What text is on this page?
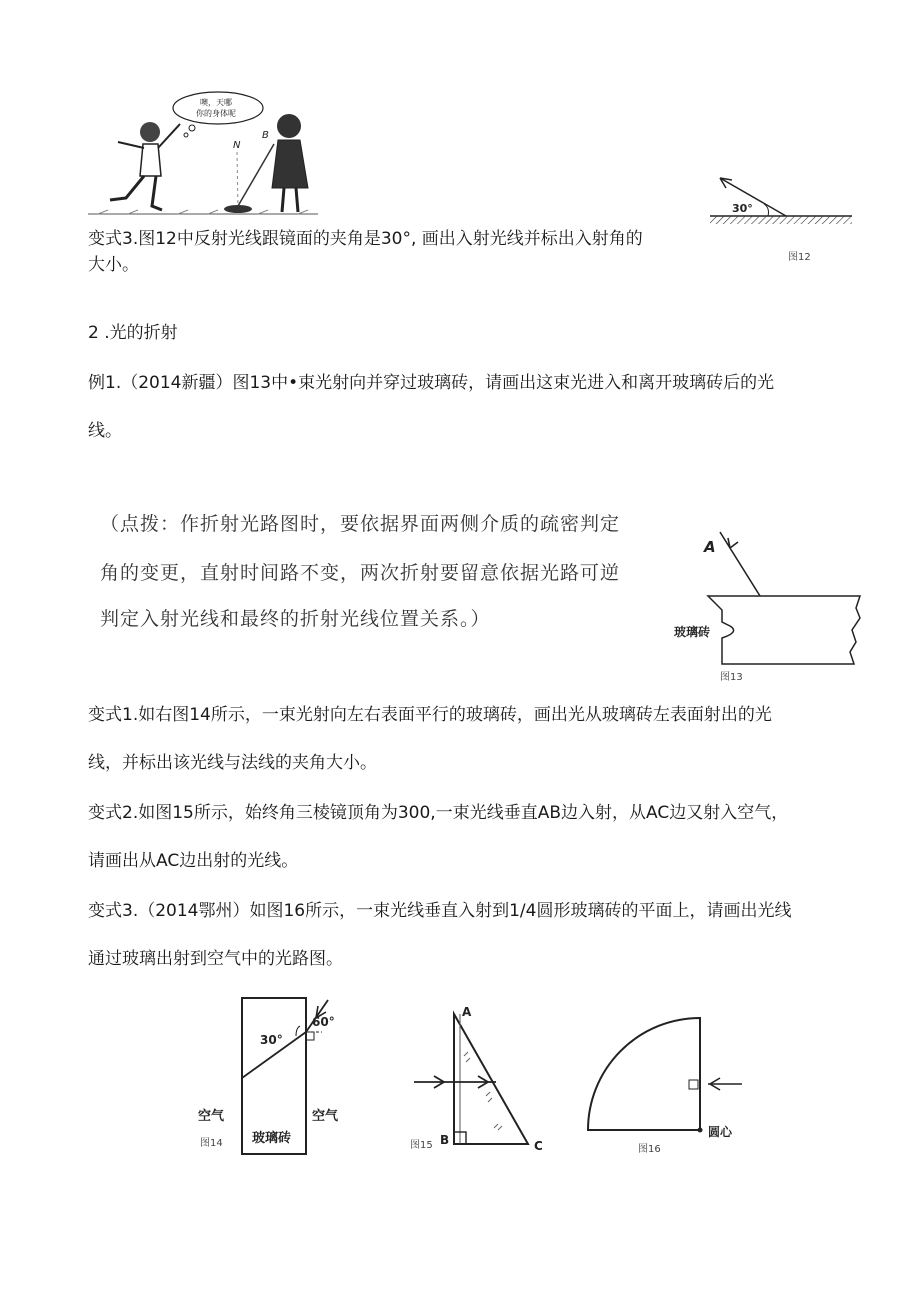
噢，天哪
你的身体呢
N
B
30°
图12
变式3.图12中反射光线跟镜面的夹角是30°, 画出入射光线并标出入射角的
大小。
2 .光的折射
例1.（2014新疆）图13中•束光射向并穿过玻璃砖，请画出这束光进入和离开玻璃砖后的光
线。
（点拨：作折射光路图时，要依据界面两侧介质的疏密判定
角的变更，直射时间路不变，两次折射要留意依据光路可逆
判定入射光线和最终的折射光线位置关系。）
A
玻璃砖
图13
变式1.如右图14所示，一束光射向左右表面平行的玻璃砖，画出光从玻璃砖左表面射出的光
线，并标出该光线与法线的夹角大小。
变式2.如图15所示，始终角三棱镜顶角为300,一束光线垂直AB边入射，从AC边又射入空气，
请画出从AC边出射的光线。
变式3.（2014鄂州）如图16所示，一束光线垂直入射到1/4圆形玻璃砖的平面上，请画出光线
通过玻璃出射到空气中的光路图。
60°
30°
空气	空气
玻璃砖
图14
A
B	C
图15
圆心
图16
